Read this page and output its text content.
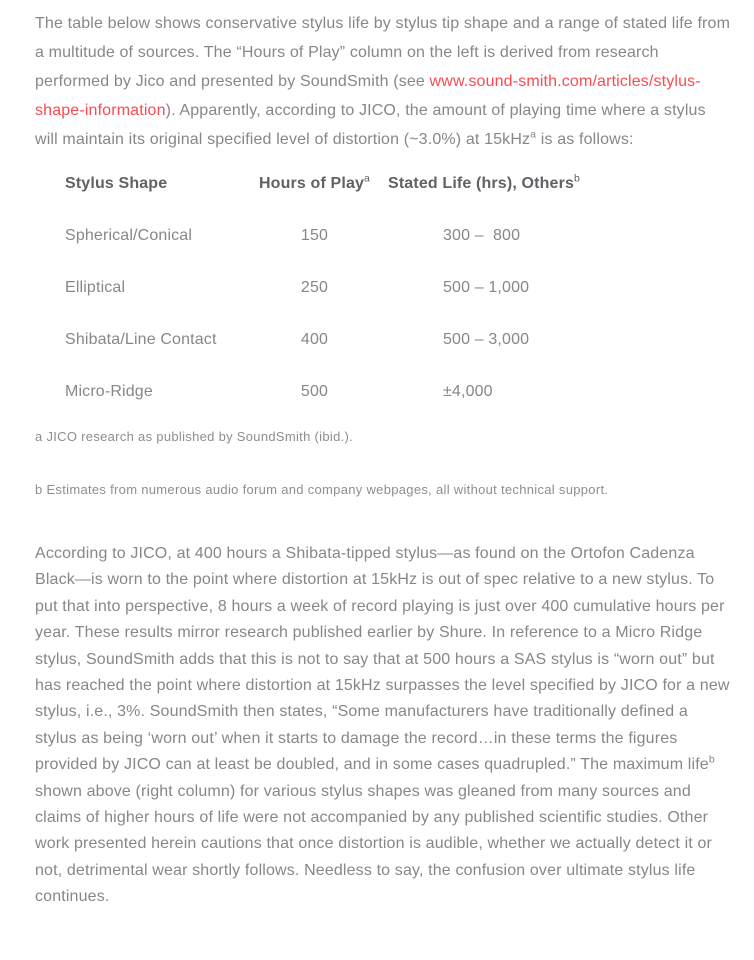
The table below shows conservative stylus life by stylus tip shape and a range of stated life from a multitude of sources. The “Hours of Play” column on the left is derived from research performed by Jico and presented by SoundSmith (see www.sound-smith.com/articles/stylus-shape-information). Apparently, according to JICO, the amount of playing time where a stylus will maintain its original specified level of distortion (~3.0%) at 15kHz$^a$ is as follows:

Stylus Shape	Hours of Play$^a$	Stated Life (hrs), Others$^b$
Spherical/Conical	150	300 –  800
Elliptical	250	500 – 1,000
Shibata/Line Contact	400	500 – 3,000
Micro-Ridge	500	±4,000

a JICO research as published by SoundSmith (ibid.).

b Estimates from numerous audio forum and company webpages, all without technical support.

According to JICO, at 400 hours a Shibata-tipped stylus—as found on the Ortofon Cadenza Black—is worn to the point where distortion at 15kHz is out of spec relative to a new stylus. To put that into perspective, 8 hours a week of record playing is just over 400 cumulative hours per year. These results mirror research published earlier by Shure. In reference to a Micro Ridge stylus, SoundSmith adds that this is not to say that at 500 hours a SAS stylus is “worn out” but has reached the point where distortion at 15kHz surpasses the level specified by JICO for a new stylus, i.e., 3%. SoundSmith then states, “Some manufacturers have traditionally defined a stylus as being ‘worn out’ when it starts to damage the record…in these terms the figures provided by JICO can at least be doubled, and in some cases quadrupled.” The maximum life$^b$ shown above (right column) for various stylus shapes was gleaned from many sources and claims of higher hours of life were not accompanied by any published scientific studies. Other work presented herein cautions that once distortion is audible, whether we actually detect it or not, detrimental wear shortly follows. Needless to say, the confusion over ultimate stylus life continues.
